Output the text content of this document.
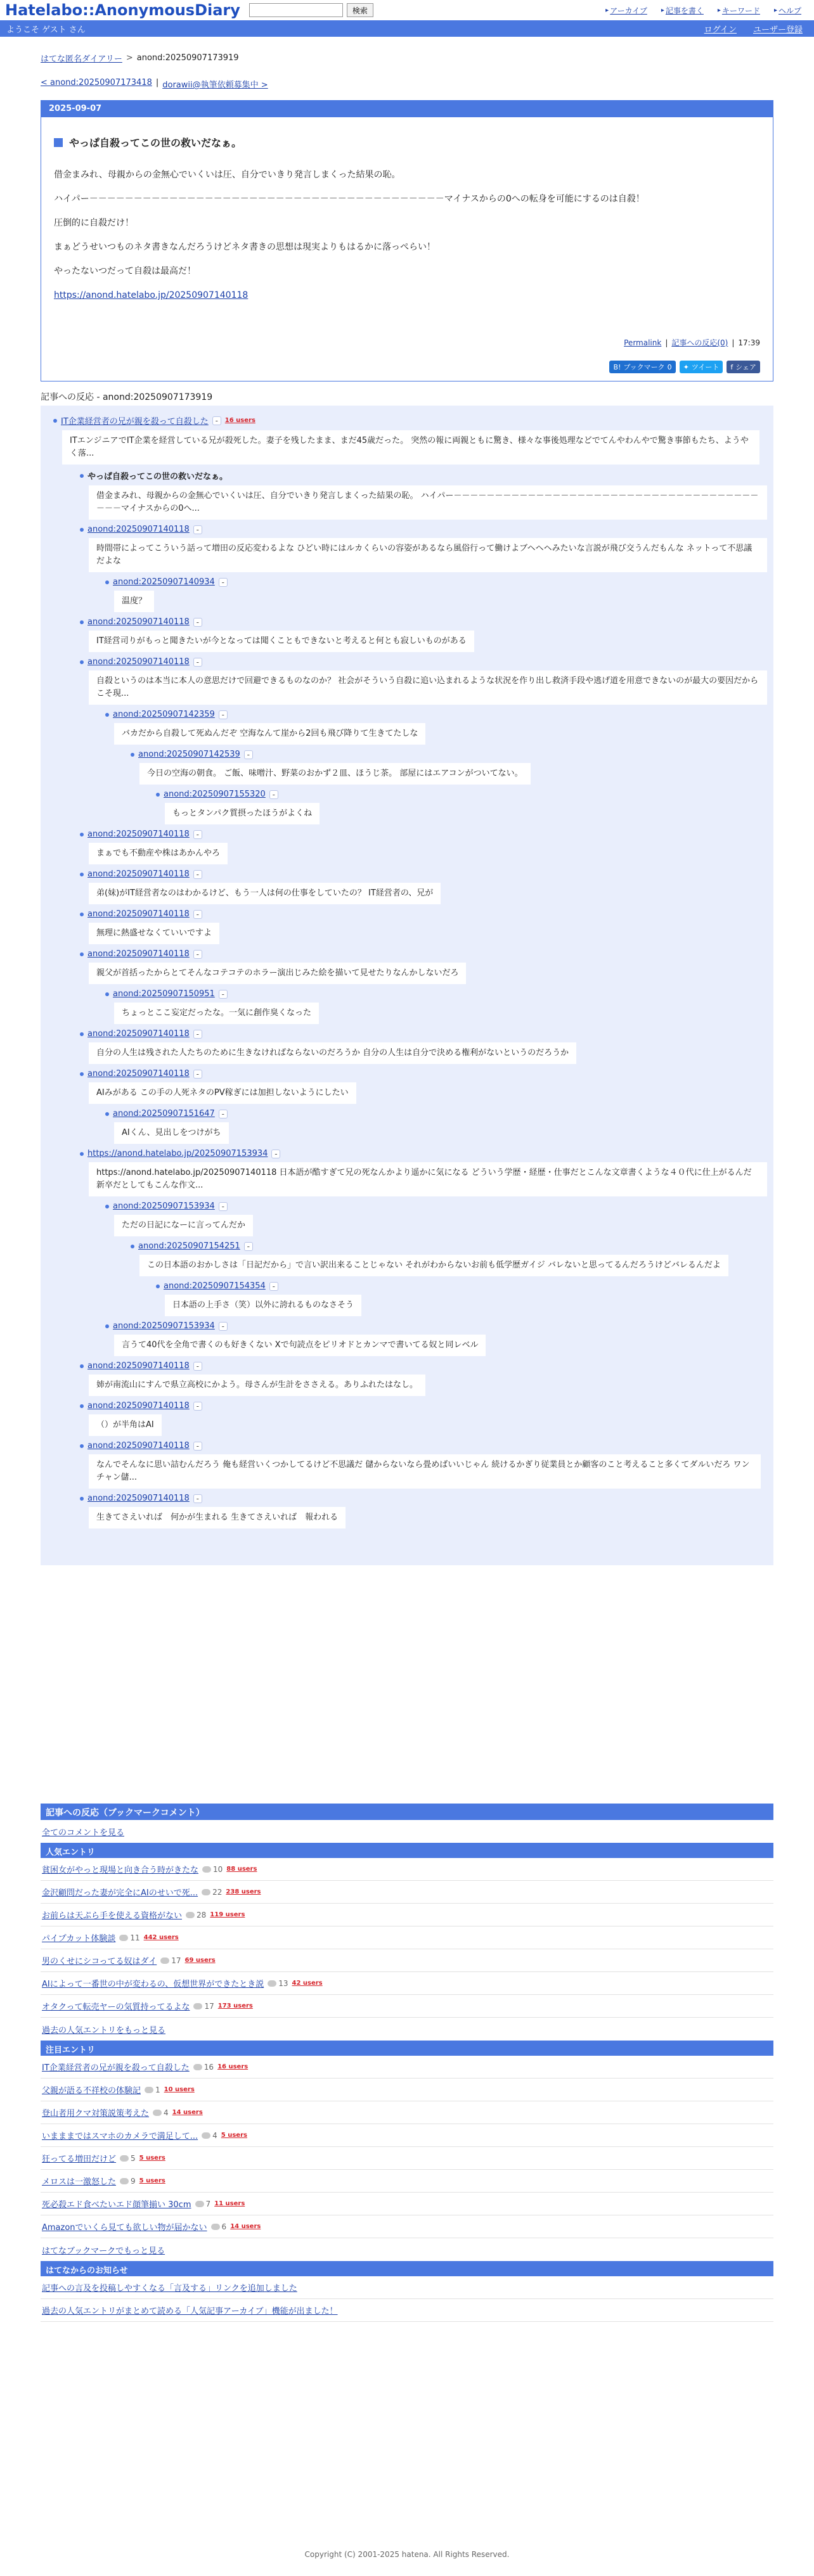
Hatelabo::AnonymousDiary	検索	▸ アーカイブ ▸ 記事を書く ▸ キーワード ▸ ヘルプ
ようこそ ゲスト さん	ログイン ユーザー登録
はてな匿名ダイアリー > anond:20250907173919
< anond:20250907173418 | dorawii@執筆依頼募集中 >
2025-09-07
やっぱ自殺ってこの世の救いだなぁ。
借金まみれ、母親からの金無心でいくいは圧、自分でいきり発言しまくった結果の恥。
ハイパー－－－－－－－－－－－－－－－－－－－－－－－－－－－－－－－－－－－－－－－－マイナスからの0への転身を可能にするのは自殺！
圧倒的に自殺だけ！
まぁどうせいつものネタ書きなんだろうけどネタ書きの思想は現実よりもはるかに落っぺらい！
やったないつだって自殺は最高だ！
https://anond.hatelabo.jp/20250907140118
Permalink | 記事への反応(0) | 17:39
B! ブックマーク 0 ✦ ツイート f シェア
記事への反応 - anond:20250907173919
IT企業経営者の兄が親を殺って自殺した -	16 users
ITエンジニアでIT企業を経営している兄が殺死した。妻子を残したまま、まだ45歳だった。 突然の報に両親ともに驚き、様々な事後処理などでてんやわんやで驚き事節もたち、ようやく落...
やっぱ自殺ってこの世の救いだなぁ。
借金まみれ、母親からの金無心でいくいは圧、自分でいきり発言しまくった結果の恥。 ハイパー－－－－－－－－－－－－－－－－－－－－－－－－－－－－－－－－－－－－－－－－マイナスからの0へ...
anond:20250907140118 -
時間帯によってこういう話って増田の反応変わるよな ひどい時にはルカくらいの容姿があるなら風俗行って働けよブヘヘヘみたいな言説が飛び交うんだもんな ネットって不思議だよな
anond:20250907140934 -
温度？
anond:20250907140118 -
IT経営司りがもっと聞きたいが今となっては聞くこともできないと考えると何とも寂しいものがある
anond:20250907140118 -
自殺というのは本当に本人の意思だけで回避できるものなのか？ 社会がそういう自殺に追い込まれるような状況を作り出し救済手段や逃げ道を用意できないのが最大の要因だからこそ現...
anond:20250907142359 -
バカだから自殺して死ぬんだぞ 空海なんて崖から2回も飛び降りて生きてたしな
anond:20250907142539 -
今日の空海の朝食。 ご飯、味噌汁、野菜のおかず２皿、ほうじ茶。 部屋にはエアコンがついてない。
anond:20250907155320 -
もっとタンパク質摂ったほうがよくね
anond:20250907140118 -
まぁでも不動産や株はあかんやろ
anond:20250907140118 -
弟(妹)がIT経営者なのはわかるけど、もう一人は何の仕事をしていたの？ IT経営者の、兄が
anond:20250907140118 -
無理に熱盛せなくていいですよ
anond:20250907140118 -
親父が首括ったからとてそんなコテコテのホラー演出じみた絵を描いて見せたりなんかしないだろ
anond:20250907150951 -
ちょっとここ妄定だったな。一気に創作臭くなった
anond:20250907140118 -
自分の人生は残された人たちのために生きなければならないのだろうか 自分の人生は自分で決める権利がないというのだろうか
anond:20250907140118 -
AIみがある この手の人死ネタのPV稼ぎには加担しないようにしたい
anond:20250907151647 -
AIくん、見出しをつけがち
https://anond.hatelabo.jp/20250907153934 -
https://anond.hatelabo.jp/20250907140118 日本語が酷すぎて兄の死なんかより遥かに気になる どういう学歴・経歴・仕事だとこんな文章書くような４０代に仕上がるんだ 新卒だとしてもこんな作文...
anond:20250907153934 -
ただの日記になーに言ってんだか
anond:20250907154251 -
この日本語のおかしさは「日記だから」で言い訳出来ることじゃない それがわからないお前も低学歴ガイジ バレないと思ってるんだろうけどバレるんだよ
anond:20250907154354 -
日本語の上手さ（笑）以外に誇れるものなさそう
anond:20250907153934 -
言うて40代を全角で書くのも好きくない Xで句読点をピリオドとカンマで書いてる奴と同レベル
anond:20250907140118 -
姉が南流山にすんで県立高校にかよう。母さんが生計をささえる。ありふれたはなし。
anond:20250907140118 -
（）が半角はAI
anond:20250907140118 -
なんでそんなに思い詰むんだろう 俺も経営いくつかしてるけど不思議だ 儲からないなら畳めばいいじゃん 続けるかぎり従業員とか顧客のこと考えること多くてダルいだろ ワンチャン儲...
anond:20250907140118 -
生きてさえいれば　何かが生まれる 生きてさえいれば　報われる
記事への反応（ブックマークコメント）
全てのコメントを見る
人気エントリ
貧困女がやっと現場と向き合う時がきたな 10 88 users
金沢顧問だった妻が完全にAIのせいで死... 22 238 users
お前らは天ぷら手を使える資格がない 28 119 users
パイプカット体験談 11 442 users
男のくせにシコってる奴はダイ 17 69 users
AIによって一番世の中が変わるの、仮想世界ができたとき説 13 42 users
オタクって転売ヤーの気質持ってるよな 17 173 users
過去の人気エントリをもっと見る
注目エントリ
IT企業経営者の兄が親を殺って自殺した 16 16 users
父親が語る不祥校の体験記 1 10 users
登山者用クマ対策説策考えた 4 14 users
いまままではスマホのカメラで満足して... 4 5 users
狂ってる増田だけど 5 5 users
メロスは一激怒した 9 5 users
死必殺エド食べたいエド顔筆揃い 30cm 7 11 users
Amazonでいくら見ても欲しい物が届かない 6 14 users
はてなブックマークでもっと見る
はてなからのお知らせ
記事への言及を投稿しやすくなる「言及する」リンクを追加しました
過去の人気エントリがまとめて読める「人気記事アーカイブ」機能が出ました！
Copyright (C) 2001-2025 hatena. All Rights Reserved.
